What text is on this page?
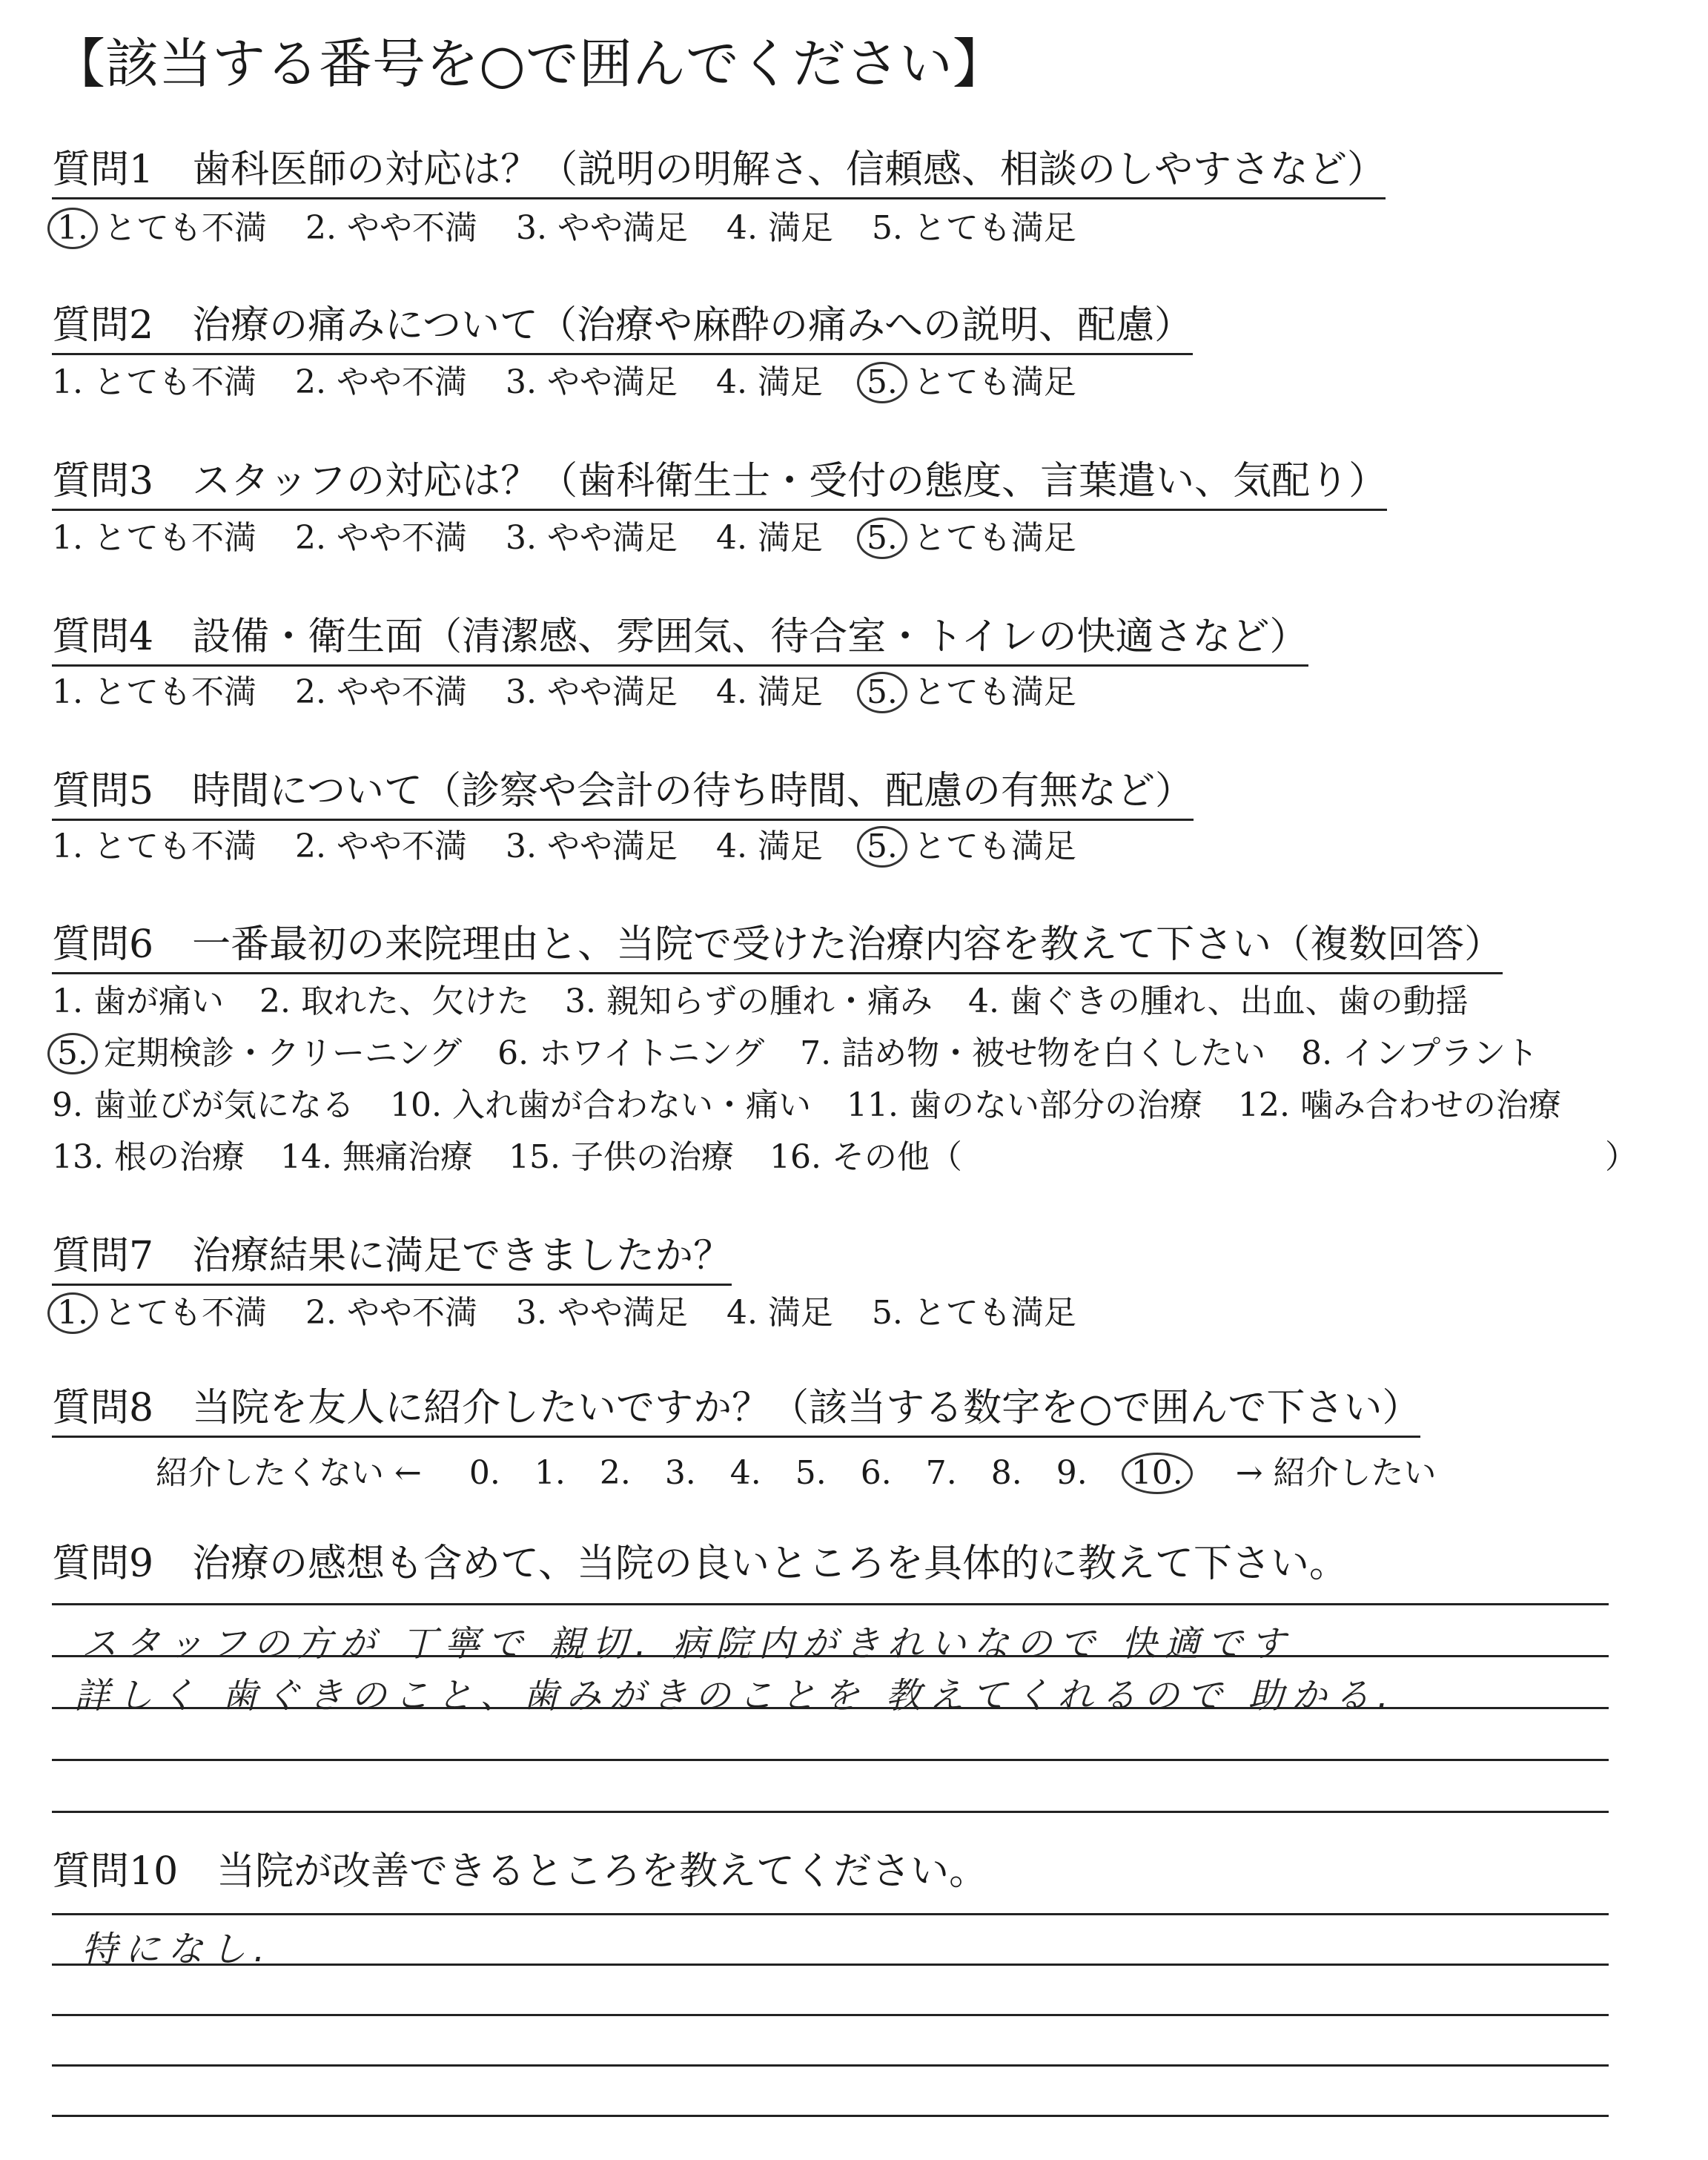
【該当する番号を○で囲んでください】
質問1　歯科医師の対応は？（説明の明解さ、信頼感、相談のしやすさなど）
1. とても不満 2. やや不満 3. やや満足 4. 満足 5. とても満足
質問2　治療の痛みについて（治療や麻酔の痛みへの説明、配慮）
1. とても不満 2. やや不満 3. やや満足 4. 満足 5. とても満足
質問3　スタッフの対応は？（歯科衛生士・受付の態度、言葉遣い、気配り）
1. とても不満 2. やや不満 3. やや満足 4. 満足 5. とても満足
質問4　設備・衛生面（清潔感、雰囲気、待合室・トイレの快適さなど）
1. とても不満 2. やや不満 3. やや満足 4. 満足 5. とても満足
質問5　時間について（診察や会計の待ち時間、配慮の有無など）
1. とても不満 2. やや不満 3. やや満足 4. 満足 5. とても満足
質問6　一番最初の来院理由と、当院で受けた治療内容を教えて下さい（複数回答）
1. 歯が痛い 2. 取れた、欠けた 3. 親知らずの腫れ・痛み 4. 歯ぐきの腫れ、出血、歯の動揺
5. 定期検診・クリーニング 6. ホワイトニング 7. 詰め物・被せ物を白くしたい 8. インプラント
9. 歯並びが気になる 10. 入れ歯が合わない・痛い 11. 歯のない部分の治療 12. 噛み合わせの治療
13. 根の治療 14. 無痛治療 15. 子供の治療 16. その他（	）
質問7　治療結果に満足できましたか？
1. とても不満 2. やや不満 3. やや満足 4. 満足 5. とても満足
質問8　当院を友人に紹介したいですか？（該当する数字を○で囲んで下さい）
紹介したくない ← 0. 1. 2. 3. 4. 5. 6. 7. 8. 9. 10. → 紹介したい
質問9　治療の感想も含めて、当院の良いところを具体的に教えて下さい。
スタッフの方が 丁寧で 親切. 病院内がきれいなので 快適です
詳しく 歯ぐきのこと、歯みがきのことを 教えてくれるので 助かる.
質問10　当院が改善できるところを教えてください。
特になし.
